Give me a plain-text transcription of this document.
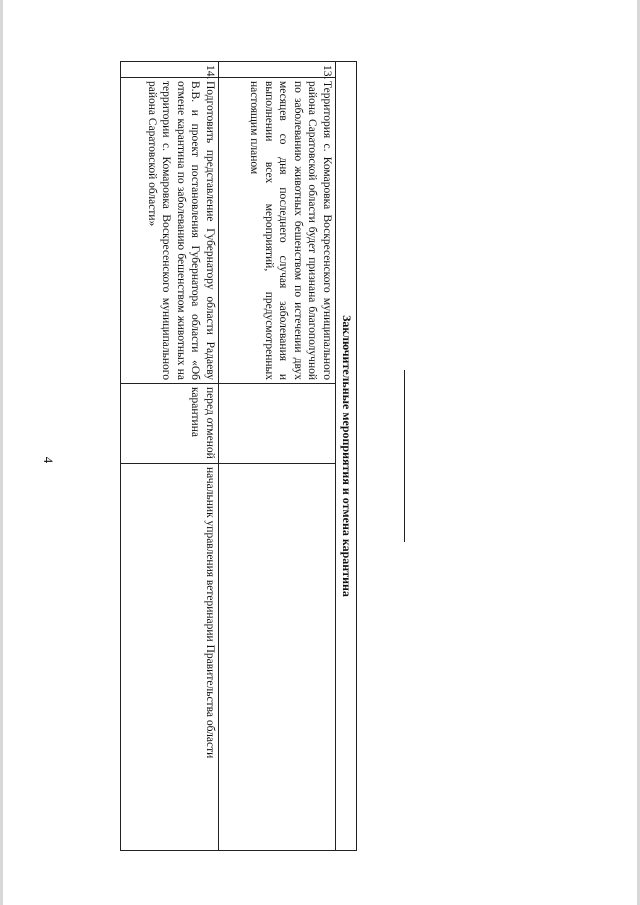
4	Заключительные мероприятия и отмена карантина			
13.	Территория с. Комаровка Воскресенского муниципального района Саратовской области будет признана благополучной по заболеванию животных бешенством по истечении двух месяцев со дня последнего случая заболевания и выполнении всех мероприятий, предусмотренных настоящим планом		
14.	Подготовить представление Губернатору области Радаеву В.В. и проект постановления Губернатора области «Об отмене карантина по заболеванию бешенством животных на территории с. Комаровка Воскресенского муниципального района Саратовской области»	перед отменой карантина	начальник управления ветеринарии Правительства области
